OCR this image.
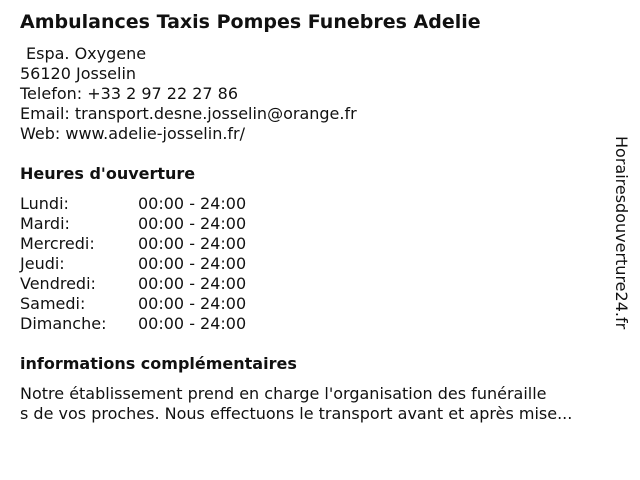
Ambulances Taxis Pompes Funebres Adelie
Espa. Oxygene
56120 Josselin
Telefon: +33 2 97 22 27 86
Email: transport.desne.josselin@orange.fr
Web: www.adelie-josselin.fr/
Heures d'ouverture
Lundi:	00:00 - 24:00
Mardi:	00:00 - 24:00
Mercredi:	00:00 - 24:00
Jeudi:	00:00 - 24:00
Vendredi:	00:00 - 24:00
Samedi:	00:00 - 24:00
Dimanche:	00:00 - 24:00
informations complémentaires
Notre établissement prend en charge l'organisation des funéraille
s de vos proches. Nous effectuons le transport avant et après mise...
Horairesdouverture24.fr
